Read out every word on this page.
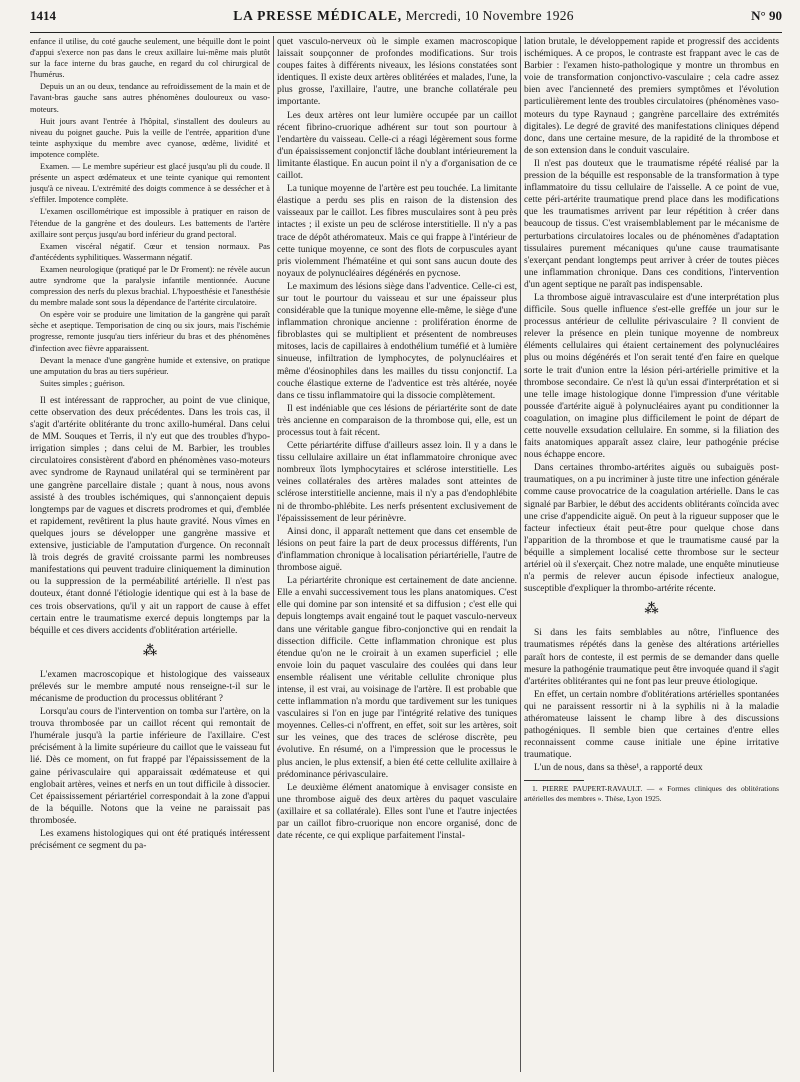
1414	LA PRESSE MÉDICALE, Mercredi, 10 Novembre 1926	N° 90

enfance il utilise, du coté gauche seulement, une béquille dont le point d'appui s'exerce non pas dans le creux axillaire lui-même mais plutôt sur la face interne du bras gauche, en regard du col chirurgical de l'humérus.

Depuis un an ou deux, tendance au refroidissement de la main et de l'avant-bras gauche sans autres phénomènes douloureux ou vaso-moteurs.

Huit jours avant l'entrée à l'hôpital, s'installent des douleurs au niveau du poignet gauche. Puis la veille de l'entrée, apparition d'une teinte asphyxique du membre avec cyanose, œdème, lividité et impotence complète.

Examen. — Le membre supérieur est glacé jusqu'au pli du coude. Il présente un aspect œdémateux et une teinte cyanique qui remontent jusqu'à ce niveau. L'extrémité des doigts commence à se dessécher et à s'effiler. Impotence complète.

L'examen oscillométrique est impossible à pratiquer en raison de l'étendue de la gangrène et des douleurs. Les battements de l'artère axillaire sont perçus jusqu'au bord inférieur du grand pectoral.

Examen viscéral négatif. Cœur et tension normaux. Pas d'antécédents syphilitiques. Wassermann négatif.

Examen neurologique (pratiqué par le Dr Froment): ne révèle aucun autre syndrome que la paralysie infantile mentionnée. Aucune compression des nerfs du plexus brachial. L'hypoesthésie et l'anesthésie du membre malade sont sous la dépendance de l'artérite circulatoire.

On espère voir se produire une limitation de la gangrène qui paraît sèche et aseptique. Temporisation de cinq ou six jours, mais l'ischémie progresse, remonte jusqu'au tiers inférieur du bras et des phénomènes d'infection avec fièvre apparaissent.

Devant la menace d'une gangrène humide et extensive, on pratique une amputation du bras au tiers supérieur.

Suites simples ; guérison.

Il est intéressant de rapprocher, au point de vue clinique, cette observation des deux précédentes. Dans les trois cas, il s'agit d'artérite oblitérante du tronc axillo-huméral. Dans celui de MM. Souques et Terris, il n'y eut que des troubles d'hypo-irrigation simples ; dans celui de M. Barbier, les troubles circulatoires consistèrent d'abord en phénomènes vaso-moteurs avec syndrome de Raynaud unilatéral qui se terminèrent par une gangrène parcellaire distale ; quant à nous, nous avons assisté à des troubles ischémiques, qui s'annonçaient depuis longtemps par de vagues et discrets prodromes et qui, d'emblée et rapidement, revêtirent la plus haute gravité. Nous vîmes en quelques jours se développer une gangrène massive et extensive, justiciable de l'amputation d'urgence. On reconnaît là trois degrés de gravité croissante parmi les nombreuses manifestations qui peuvent traduire cliniquement la diminution ou la suppression de la perméabilité artérielle. Il n'est pas douteux, étant donné l'étiologie identique qui est à la base de ces trois observations, qu'il y ait un rapport de cause à effet certain entre le traumatisme exercé depuis longtemps par la béquille et ces divers accidents d'oblitération artérielle.

⁂

L'examen macroscopique et histologique des vaisseaux prélevés sur le membre amputé nous renseigne-t-il sur le mécanisme de production du processus oblitérant ?

Lorsqu'au cours de l'intervention on tomba sur l'artère, on la trouva thrombosée par un caillot récent qui remontait de l'humérale jusqu'à la partie inférieure de l'axillaire. C'est précisément à la limite supérieure du caillot que le vaisseau fut lié. Dès ce moment, on fut frappé par l'épaississement de la gaine périvasculaire qui apparaissait œdémateuse et qui englobait artères, veines et nerfs en un tout difficile à dissocier. Cet épaississement périartériel correspondait à la zone d'appui de la béquille. Notons que la veine ne paraissait pas thrombosée.

Les examens histologiques qui ont été pratiqués intéressent précisément ce segment du pa-

quet vasculo-nerveux où le simple examen macroscopique laissait soupçonner de profondes modifications. Sur trois coupes faites à différents niveaux, les lésions constatées sont identiques. Il existe deux artères oblitérées et malades, l'une, la plus grosse, l'axillaire, l'autre, une branche collatérale peu importante.

Les deux artères ont leur lumière occupée par un caillot récent fibrino-cruorique adhérent sur tout son pourtour à l'endartère du vaisseau. Celle-ci a réagi légèrement sous forme d'un épaississement conjonctif lâche doublant intérieurement la limitante élastique. En aucun point il n'y a d'organisation de ce caillot.

La tunique moyenne de l'artère est peu touchée. La limitante élastique a perdu ses plis en raison de la distension des vaisseaux par le caillot. Les fibres musculaires sont à peu près intactes ; il existe un peu de sclérose interstitielle. Il n'y a pas trace de dépôt athéromateux. Mais ce qui frappe à l'intérieur de cette tunique moyenne, ce sont des flots de corpuscules ayant pris violemment l'hématéine et qui sont sans aucun doute des noyaux de polynucléaires dégénérés en pycnose.

Le maximum des lésions siège dans l'adventice. Celle-ci est, sur tout le pourtour du vaisseau et sur une épaisseur plus considérable que la tunique moyenne elle-même, le siège d'une inflammation chronique ancienne : prolifération énorme de fibroblastes qui se multiplient et présentent de nombreuses mitoses, lacis de capillaires à endothélium tuméfié et à lumière sinueuse, infiltration de lymphocytes, de polynucléaires et même d'éosinophiles dans les mailles du tissu conjonctif. La couche élastique externe de l'adventice est très altérée, noyée dans ce tissu inflammatoire qui la dissocie complètement.

Il est indéniable que ces lésions de périartérite sont de date très ancienne en comparaison de la thrombose qui, elle, est un processus tout à fait récent.

Cette périartérite diffuse d'ailleurs assez loin. Il y a dans le tissu cellulaire axillaire un état inflammatoire chronique avec nombreux îlots lymphocytaires et sclérose interstitielle. Les veines collatérales des artères malades sont atteintes de sclérose interstitielle ancienne, mais il n'y a pas d'endophlébite ni de thrombo-phlébite. Les nerfs présentent exclusivement de l'épaississement de leur périnèvre.

Ainsi donc, il apparaît nettement que dans cet ensemble de lésions on peut faire la part de deux processus différents, l'un d'inflammation chronique à localisation périartérielle, l'autre de thrombose aiguë.

La périartérite chronique est certainement de date ancienne. Elle a envahi successivement tous les plans anatomiques. C'est elle qui domine par son intensité et sa diffusion ; c'est elle qui depuis longtemps avait engainé tout le paquet vasculo-nerveux dans une véritable gangue fibro-conjonctive qui en rendait la dissection difficile. Cette inflammation chronique est plus étendue qu'on ne le croirait à un examen superficiel ; elle envoie loin du paquet vasculaire des coulées qui dans leur ensemble réalisent une véritable cellulite chronique plus intense, il est vrai, au voisinage de l'artère. Il est probable que cette inflammation n'a mordu que tardivement sur les tuniques vasculaires si l'on en juge par l'intégrité relative des tuniques moyennes. Celles-ci n'offrent, en effet, soit sur les artères, soit sur les veines, que des traces de sclérose discrète, peu évolutive. En résumé, on a l'impression que le processus le plus ancien, le plus extensif, a bien été cette cellulite axillaire à prédominance périvasculaire.

Le deuxième élément anatomique à envisager consiste en une thrombose aiguë des deux artères du paquet vasculaire (axillaire et sa collatérale). Elles sont l'une et l'autre injectées par un caillot fibro-cruorique non encore organisé, donc de date récente, ce qui explique parfaitement l'instal-

lation brutale, le développement rapide et progressif des accidents ischémiques. A ce propos, le contraste est frappant avec le cas de Barbier : l'examen histo-pathologique y montre un thrombus en voie de transformation conjonctivo-vasculaire ; cela cadre assez bien avec l'ancienneté des premiers symptômes et l'évolution particulièrement lente des troubles circulatoires (phénomènes vaso-moteurs du type Raynaud ; gangrène parcellaire des extrémités digitales). Le degré de gravité des manifestations cliniques dépend donc, dans une certaine mesure, de la rapidité de la thrombose et de son extension dans le conduit vasculaire.

Il n'est pas douteux que le traumatisme répété réalisé par la pression de la béquille est responsable de la transformation à type inflammatoire du tissu cellulaire de l'aisselle. A ce point de vue, cette péri-artérite traumatique prend place dans les modifications que les traumatismes arrivent par leur répétition à créer dans beaucoup de tissus. C'est vraisemblablement par le mécanisme de perturbations circulatoires locales ou de phénomènes d'adaptation tissulaires purement mécaniques qu'une cause traumatisante s'exerçant pendant longtemps peut arriver à créer de toutes pièces une inflammation chronique. Dans ces conditions, l'intervention d'un agent septique ne paraît pas indispensable.

La thrombose aiguë intravasculaire est d'une interprétation plus difficile. Sous quelle influence s'est-elle greffée un jour sur le processus antérieur de cellulite périvasculaire ? Il convient de relever la présence en plein tunique moyenne de nombreux éléments cellulaires qui étaient certainement des polynucléaires plus ou moins dégénérés et l'on serait tenté d'en faire en quelque sorte le trait d'union entre la lésion péri-artérielle primitive et la thrombose secondaire. Ce n'est là qu'un essai d'interprétation et si une telle image histologique donne l'impression d'une véritable poussée d'artérite aiguë à polynucléaires ayant pu conditionner la coagulation, on imagine plus difficilement le point de départ de cette nouvelle exsudation cellulaire. En somme, si la filiation des faits anatomiques apparaît assez claire, leur pathogénie précise nous échappe encore.

Dans certaines thrombo-artérites aiguës ou subaiguës post-traumatiques, on a pu incriminer à juste titre une infection générale comme cause provocatrice de la coagulation artérielle. Dans le cas signalé par Barbier, le début des accidents oblitérants coïncida avec une crise d'appendicite aiguë. On peut à la rigueur supposer que le facteur infectieux était peut-être pour quelque chose dans l'apparition de la thrombose et que le traumatisme causé par la béquille a simplement localisé cette thrombose sur le secteur artériel où il s'exerçait. Chez notre malade, une enquête minutieuse n'a permis de relever aucun épisode infectieux analogue, susceptible d'expliquer la thrombo-artérite récente.

⁂

Si dans les faits semblables au nôtre, l'influence des traumatismes répétés dans la genèse des altérations artérielles paraît hors de conteste, il est permis de se demander dans quelle mesure la pathogénie traumatique peut être invoquée quand il s'agit d'artérites oblitérantes qui ne font pas leur preuve étiologique.

En effet, un certain nombre d'oblitérations artérielles spontanées qui ne paraissent ressortir ni à la syphilis ni à la maladie athéromateuse laissent le champ libre à des discussions pathogéniques. Il semble bien que certaines d'entre elles reconnaissent comme cause initiale une épine irritative traumatique.

L'un de nous, dans sa thèse¹, a rapporté deux

1. PIERRE PAUPERT-RAVAULT. — « Formes cliniques des oblitérations artérielles des membres ». Thèse, Lyon 1925.
